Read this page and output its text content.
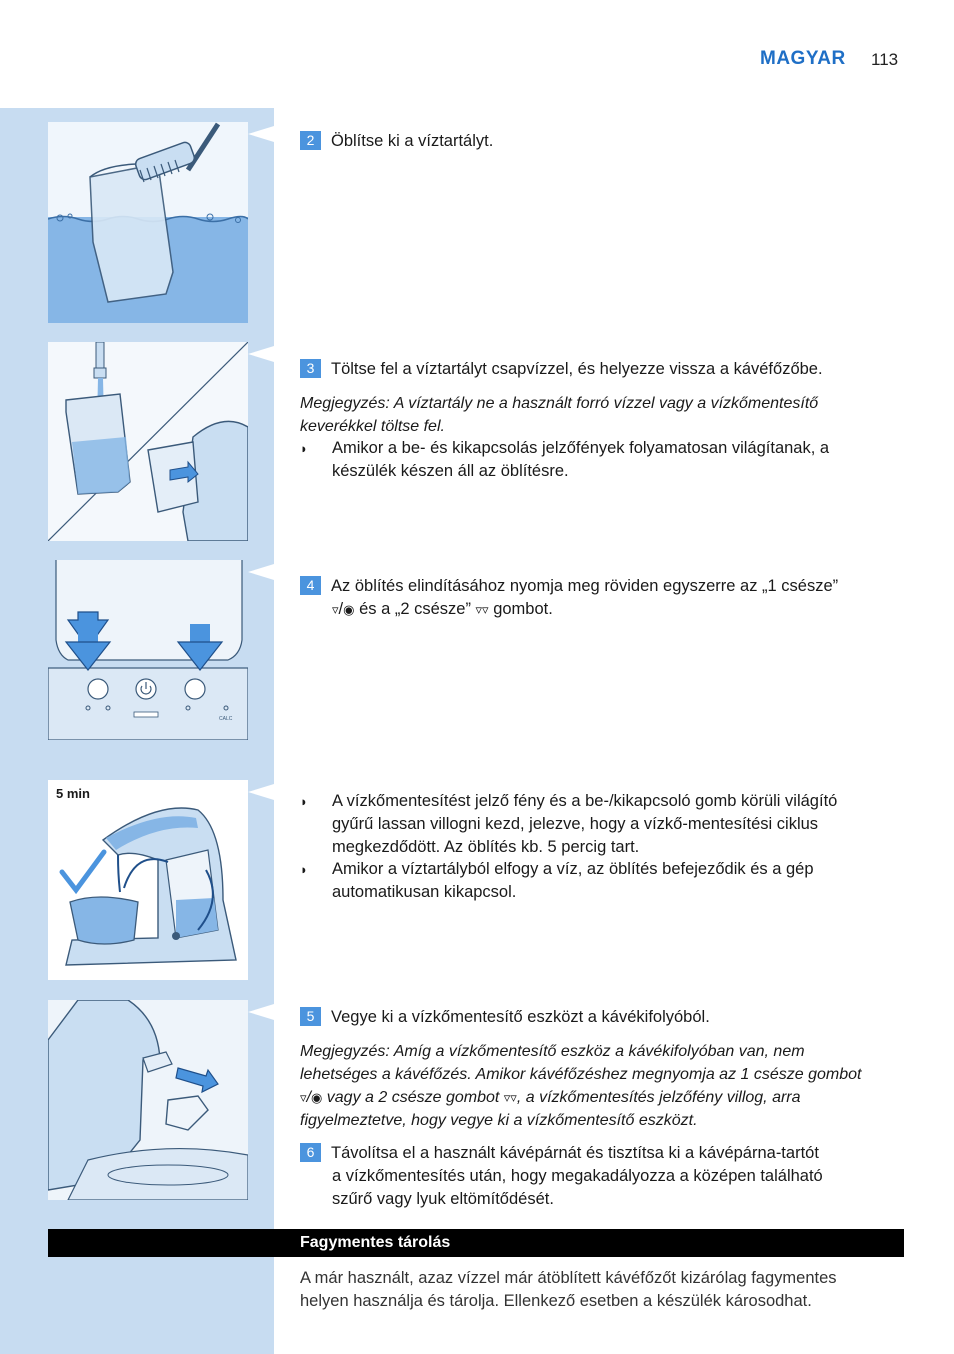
MAGYAR 113
CALC
5 min
2 Öblítse ki a víztartályt.
3 Töltse fel a víztartályt csapvízzel, és helyezze vissza a kávéfőzőbe.
Megjegyzés: A víztartály ne a használt forró vízzel vagy a vízkőmentesítő
keverékkel töltse fel.
◗	Amikor a be- és kikapcsolás jelzőfények folyamatosan világítanak, a
készülék készen áll az öblítésre.
4 Az öblítés elindításához nyomja meg röviden egyszerre az „1 csésze”
▿/◉ és a „2 csésze” ▿▿ gombot.
◗	A vízkőmentesítést jelző fény és a be-/kikapcsoló gomb körüli világító
gyűrű lassan villogni kezd, jelezve, hogy a vízkő-mentesítési ciklus
megkezdődött. Az öblítés kb. 5 percig tart.
◗	Amikor a víztartályból elfogy a víz, az öblítés befejeződik és a gép
automatikusan kikapcsol.
5 Vegye ki a vízkőmentesítő eszközt a kávékifolyóból.
Megjegyzés: Amíg a vízkőmentesítő eszköz a kávékifolyóban van, nem
lehetséges a kávéfőzés. Amikor kávéfőzéshez megnyomja az 1 csésze gombot
▿/◉ vagy a 2 csésze gombot ▿▿, a vízkőmentesítés jelzőfény villog, arra
figyelmeztetve, hogy vegye ki a vízkőmentesítő eszközt.
6 Távolítsa el a használt kávépárnát és tisztítsa ki a kávépárna-tartót

a vízkőmentesítés után, hogy megakadályozza a középen található
szűrő vagy lyuk eltömítődését.
Fagymentes tárolás
A már használt, azaz vízzel már átöblített kávéfőzőt kizárólag fagymentes
helyen használja és tárolja. Ellenkező esetben a készülék károsodhat.
